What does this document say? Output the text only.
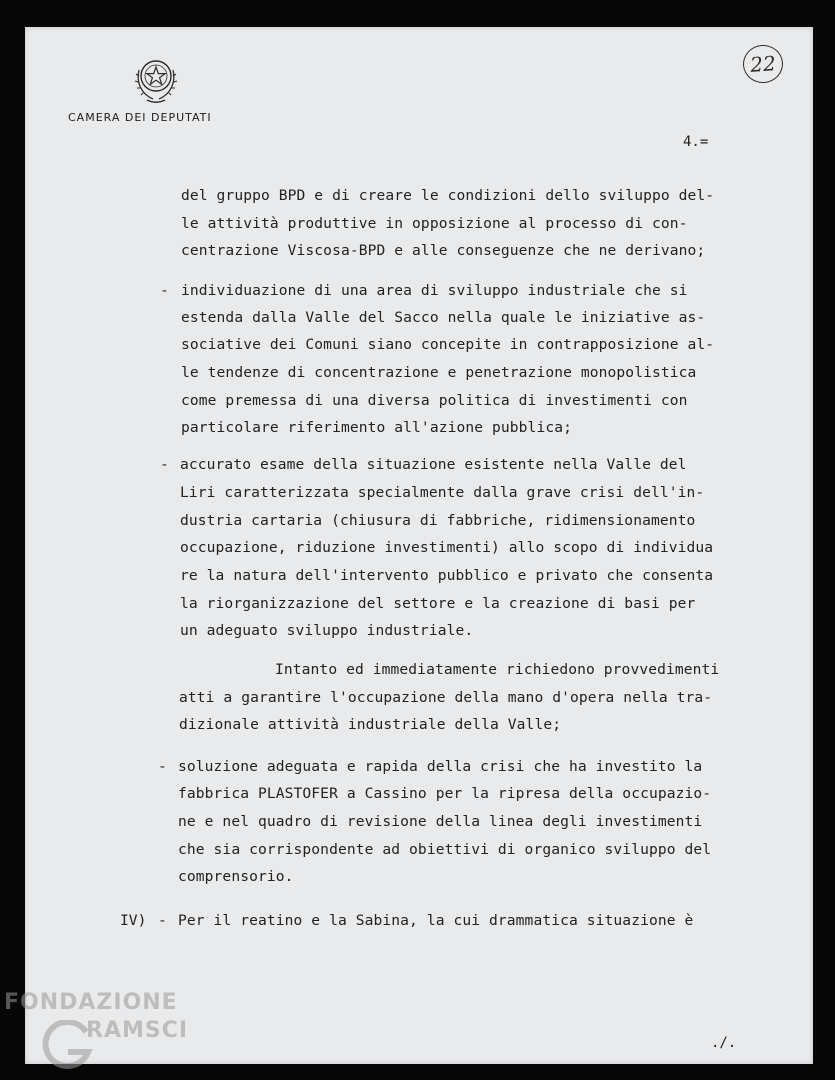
CAMERA DEI DEPUTATI
4.=
22

del gruppo BPD e di creare le condizioni dello sviluppo del-

le attività produttive in opposizione al processo di con-

centrazione Viscosa-BPD e alle conseguenze che ne derivano;

- individuazione di una area di sviluppo industriale che si

estenda dalla Valle del Sacco nella quale le iniziative as-

sociative dei Comuni siano concepite in contrapposizione al-

le tendenze di concentrazione e penetrazione monopolistica

come premessa di una diversa politica di investimenti con

particolare riferimento all'azione pubblica;

- accurato esame della situazione esistente nella Valle del

Liri caratterizzata specialmente dalla grave crisi dell'in-

dustria cartaria (chiusura di fabbriche, ridimensionamento

occupazione, riduzione investimenti) allo scopo di individua

re la natura dell'intervento pubblico e privato che consenta

la riorganizzazione del settore e la creazione di basi per

un adeguato sviluppo industriale.

Intanto ed immediatamente richiedono provvedimenti

atti a garantire l'occupazione della mano d'opera nella tra-

dizionale attività industriale della Valle;

- soluzione adeguata e rapida della crisi che ha investito la

fabbrica PLASTOFER a Cassino per la ripresa della occupazio-

ne e nel quadro di revisione della linea degli investimenti

che sia corrispondente ad obiettivi di organico sviluppo del

comprensorio.

IV) - Per il reatino e la Sabina, la cui drammatica situazione è

./.
FONDAZIONE
RAMSCI
